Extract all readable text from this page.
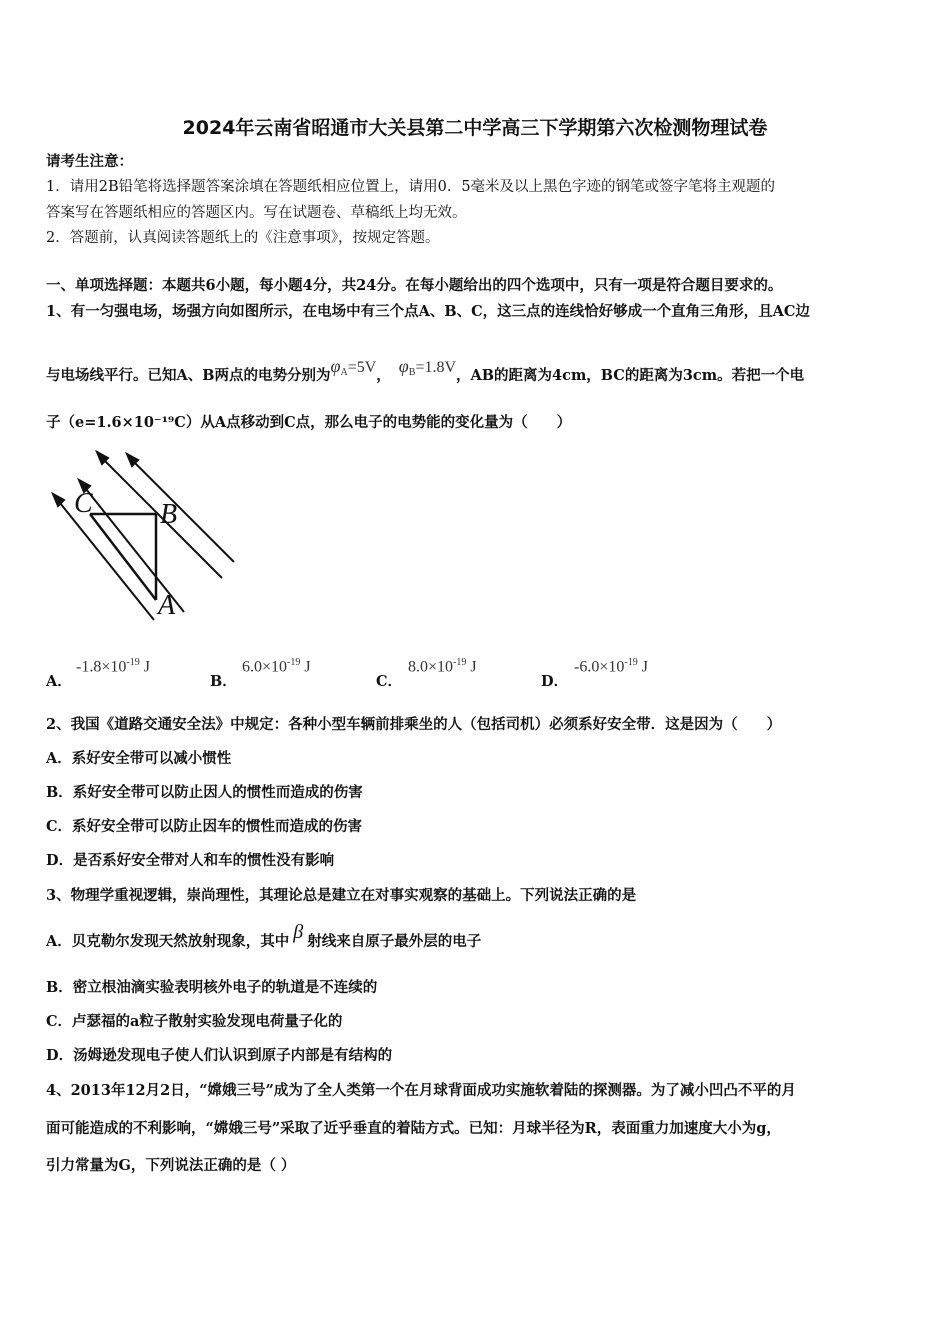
2024年云南省昭通市大关县第二中学高三下学期第六次检测物理试卷
请考生注意：
1．请用2B铅笔将选择题答案涂填在答题纸相应位置上，请用0．5毫米及以上黑色字迹的钢笔或签字笔将主观题的
答案写在答题纸相应的答题区内。写在试题卷、草稿纸上均无效。
2．答题前，认真阅读答题纸上的《注意事项》，按规定答题。
一、单项选择题：本题共6小题，每小题4分，共24分。在每小题给出的四个选项中，只有一项是符合题目要求的。
1、有一匀强电场，场强方向如图所示，在电场中有三个点A、B、C，这三点的连线恰好够成一个直角三角形，且AC边
与电场线平行。已知A、B两点的电势分别为$\varphi_A=5V$， $\varphi_B=1.8V$，AB的距离为4cm，BC的距离为3cm。若把一个电
子（e=1.6×10⁻¹⁹C）从A点移动到C点，那么电子的电势能的变化量为（　　）
C B
A
A．
$-1.8\times 10^{-19}$ J
B．
$6.0\times 10^{-19}$ J
C．
$8.0\times 10^{-19}$ J
D．
$-6.0\times 10^{-19}$ J
2、我国《道路交通安全法》中规定：各种小型车辆前排乘坐的人（包括司机）必须系好安全带．这是因为（　　）
A．系好安全带可以减小惯性
B．系好安全带可以防止因人的惯性而造成的伤害
C．系好安全带可以防止因车的惯性而造成的伤害
D．是否系好安全带对人和车的惯性没有影响
3、物理学重视逻辑，崇尚理性，其理论总是建立在对事实观察的基础上。下列说法正确的是
A．贝克勒尔发现天然放射现象，其中 β 射线来自原子最外层的电子
B．密立根油滴实验表明核外电子的轨道是不连续的
C．卢瑟福的a粒子散射实验发现电荷量子化的
D．汤姆逊发现电子使人们认识到原子内部是有结构的
4、2013年12月2日，“嫦娥三号”成为了全人类第一个在月球背面成功实施软着陆的探测器。为了减小凹凸不平的月
面可能造成的不利影响，“嫦娥三号”采取了近乎垂直的着陆方式。已知：月球半径为R，表面重力加速度大小为g，
引力常量为G，下列说法正确的是（ ）
